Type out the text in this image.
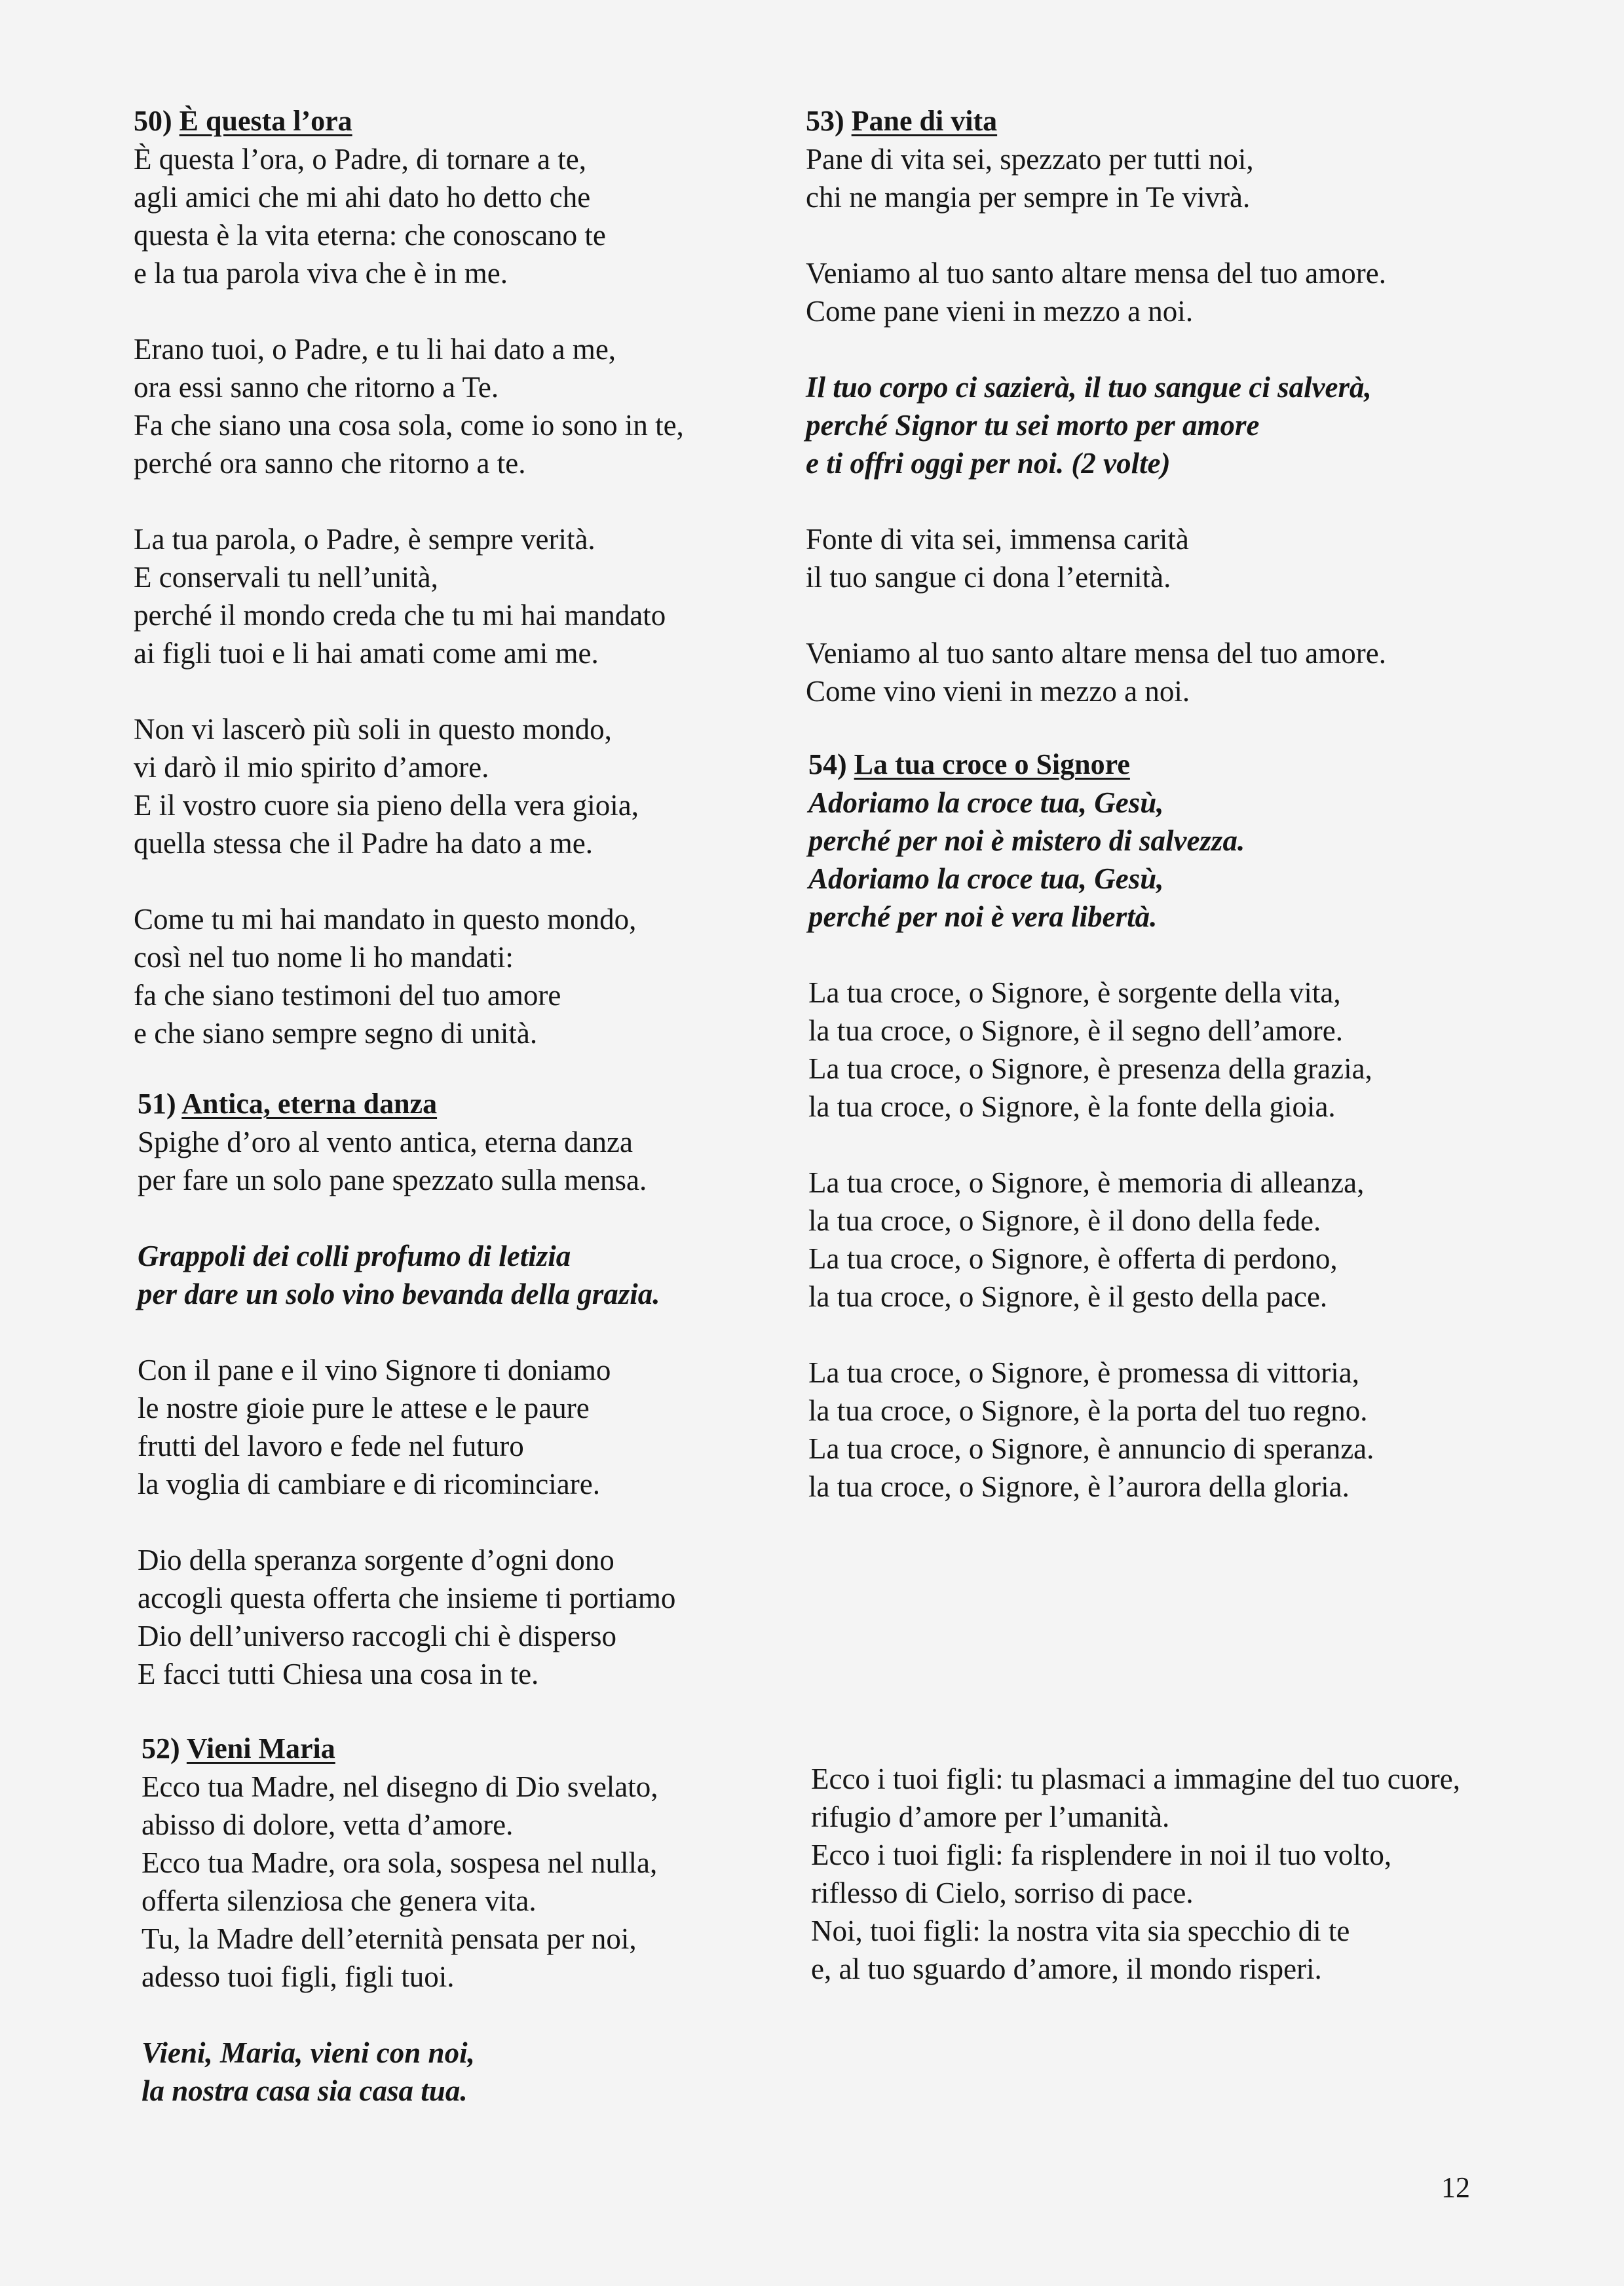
50) È questa l’ora

È questa l’ora, o Padre, di tornare a te,
agli amici che mi ahi dato ho detto che
questa è la vita eterna: che conoscano te
e la tua parola viva che è in me.

Erano tuoi, o Padre, e tu li hai dato a me,
ora essi sanno che ritorno a Te.
Fa che siano una cosa sola, come io sono in te,
perché ora sanno che ritorno a te.

La tua parola, o Padre, è sempre verità.
E conservali tu nell’unità,
perché il mondo creda che tu mi hai mandato
ai figli tuoi e li hai amati come ami me.

Non vi lascerò più soli in questo mondo,
vi darò il mio spirito d’amore.
E il vostro cuore sia pieno della vera gioia,
quella stessa che il Padre ha dato a me.

Come tu mi hai mandato in questo mondo,
così nel tuo nome li ho mandati:
fa che siano testimoni del tuo amore
e che siano sempre segno di unità.

51) Antica, eterna danza

Spighe d’oro al vento antica, eterna danza
per fare un solo pane spezzato sulla mensa.

Grappoli dei colli profumo di letizia
per dare un solo vino bevanda della grazia.

Con il pane e il vino Signore ti doniamo
le nostre gioie pure le attese e le paure
frutti del lavoro e fede nel futuro
la voglia di cambiare e di ricominciare.

Dio della speranza sorgente d’ogni dono
accogli questa offerta che insieme ti portiamo
Dio dell’universo raccogli chi è disperso
E facci tutti Chiesa una cosa in te.

52) Vieni Maria

Ecco tua Madre, nel disegno di Dio svelato,
abisso di dolore, vetta d’amore.
Ecco tua Madre, ora sola, sospesa nel nulla,
offerta silenziosa che genera vita.
Tu, la Madre dell’eternità pensata per noi,
adesso tuoi figli, figli tuoi.

Vieni, Maria, vieni con noi,
la nostra casa sia casa tua.

Ecco i tuoi figli: tu plasmaci a immagine del tuo cuore,
rifugio d’amore per l’umanità.
Ecco i tuoi figli: fa risplendere in noi il tuo volto,
riflesso di Cielo, sorriso di pace.
Noi, tuoi figli: la nostra vita sia specchio di te
e, al tuo sguardo d’amore, il mondo risperi.

53) Pane di vita

Pane di vita sei, spezzato per tutti noi,
chi ne mangia per sempre in Te vivrà.

Veniamo al tuo santo altare mensa del tuo amore.
Come pane vieni in mezzo a noi.

Il tuo corpo ci sazierà, il tuo sangue ci salverà,
perché Signor tu sei morto per amore
e ti offri oggi per noi. (2 volte)

Fonte di vita sei, immensa carità
il tuo sangue ci dona l’eternità.

Veniamo al tuo santo altare mensa del tuo amore.
Come vino vieni in mezzo a noi.

54) La tua croce o Signore

Adoriamo la croce tua, Gesù,
perché per noi è mistero di salvezza.
Adoriamo la croce tua, Gesù,
perché per noi è vera libertà.

La tua croce, o Signore, è sorgente della vita,
la tua croce, o Signore, è il segno dell’amore.
La tua croce, o Signore, è presenza della grazia,
la tua croce, o Signore, è la fonte della gioia.

La tua croce, o Signore, è memoria di alleanza,
la tua croce, o Signore, è il dono della fede.
La tua croce, o Signore, è offerta di perdono,
la tua croce, o Signore, è il gesto della pace.

La tua croce, o Signore, è promessa di vittoria,
la tua croce, o Signore, è la porta del tuo regno.
La tua croce, o Signore, è annuncio di speranza.
la tua croce, o Signore, è l’aurora della gloria.

12
